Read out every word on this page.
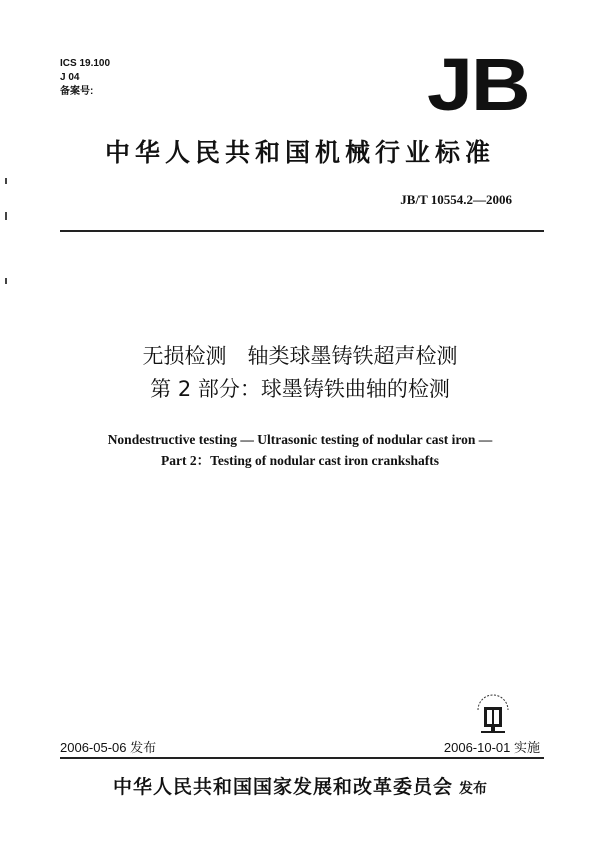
ICS 19.100
J 04
备案号:	JB
中华人民共和国机械行业标准
JB/T 10554.2—2006
无损检测　轴类球墨铸铁超声检测
第 2 部分：球墨铸铁曲轴的检测
Nondestructive testing — Ultrasonic testing of nodular cast iron —
Part 2：Testing of nodular cast iron crankshafts
2006-05-06 发布	2006-10-01 实施
中华人民共和国国家发展和改革委员会 发布
